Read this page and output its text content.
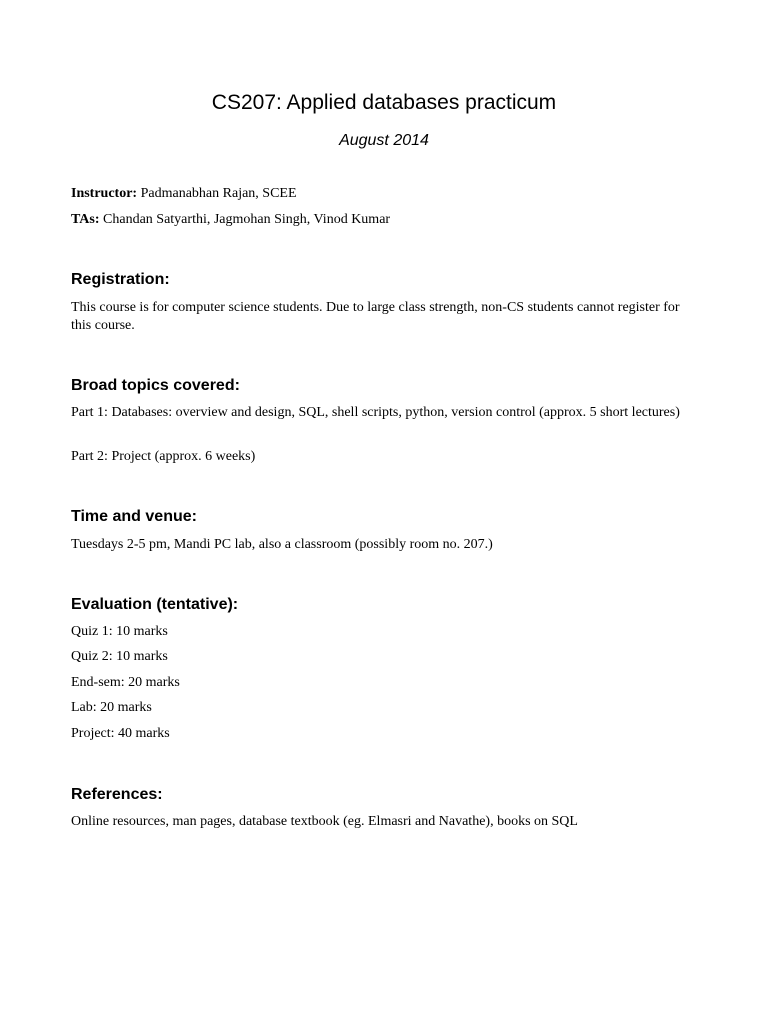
CS207: Applied databases practicum
August 2014
Instructor: Padmanabhan Rajan, SCEE
TAs: Chandan Satyarthi, Jagmohan Singh, Vinod Kumar
Registration:

This course is for computer science students. Due to large class strength, non-CS students cannot register for this course.

Broad topics covered:

Part 1: Databases: overview and design, SQL, shell scripts, python, version control (approx. 5 short lectures)

Part 2: Project (approx. 6 weeks)

Time and venue:

Tuesdays 2-5 pm, Mandi PC lab, also a classroom (possibly room no. 207.)

Evaluation (tentative):

Quiz 1: 10 marks

Quiz 2: 10 marks

End-sem: 20 marks

Lab: 20 marks

Project: 40 marks

References:

Online resources, man pages, database textbook (eg. Elmasri and Navathe), books on SQL
